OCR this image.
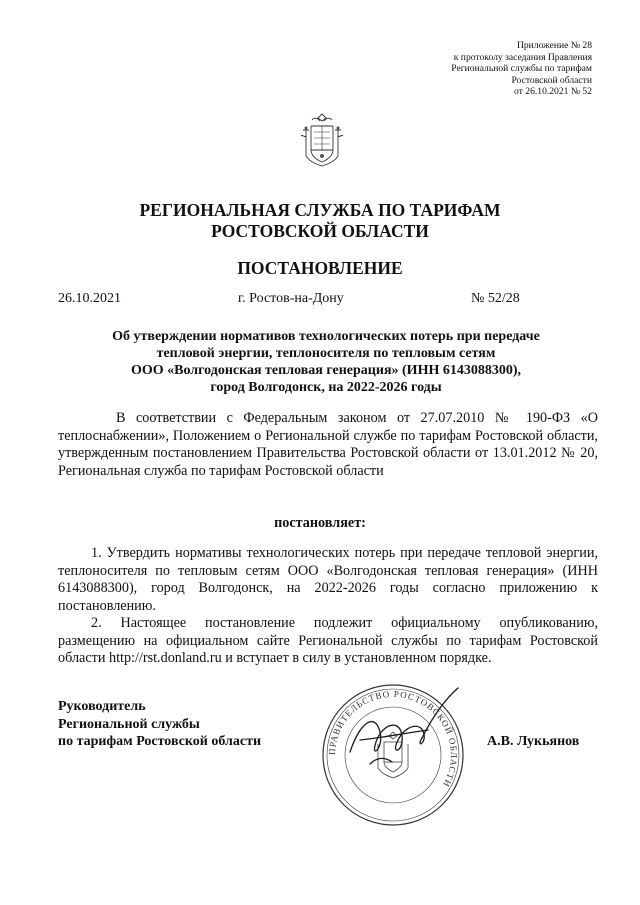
Приложение № 28
к протоколу заседания Правления
Региональной службы по тарифам
Ростовской области
от 26.10.2021 № 52
РЕГИОНАЛЬНАЯ СЛУЖБА ПО ТАРИФАМ
РОСТОВСКОЙ ОБЛАСТИ
ПОСТАНОВЛЕНИЕ
26.10.2021	г. Ростов-на-Дону	№ 52/28
Об утверждении нормативов технологических потерь при передаче
тепловой энергии, теплоносителя по тепловым сетям
ООО «Волгодонская тепловая генерация» (ИНН 6143088300),
город Волгодонск, на 2022-2026 годы
В соответствии с Федеральным законом от 27.07.2010 № 190-ФЗ «О теплоснабжении», Положением о Региональной службе по тарифам Ростовской области, утвержденным постановлением Правительства Ростовской области от 13.01.2012 № 20, Региональная служба по тарифам Ростовской области
постановляет:
1. Утвердить нормативы технологических потерь при передаче тепловой энергии, теплоносителя по тепловым сетям ООО «Волгодонская тепловая генерация» (ИНН 6143088300), город Волгодонск, на 2022-2026 годы согласно приложению к постановлению.
2. Настоящее постановление подлежит официальному опубликованию, размещению на официальном сайте Региональной службы по тарифам Ростовской области http://rst.donland.ru и вступает в силу в установленном порядке.
Руководитель
Региональной службы
по тарифам Ростовской области
ПРАВИТЕЛЬСТВО РОСТОВСКОЙ ОБЛАСТИ
А.В. Лукьянов
